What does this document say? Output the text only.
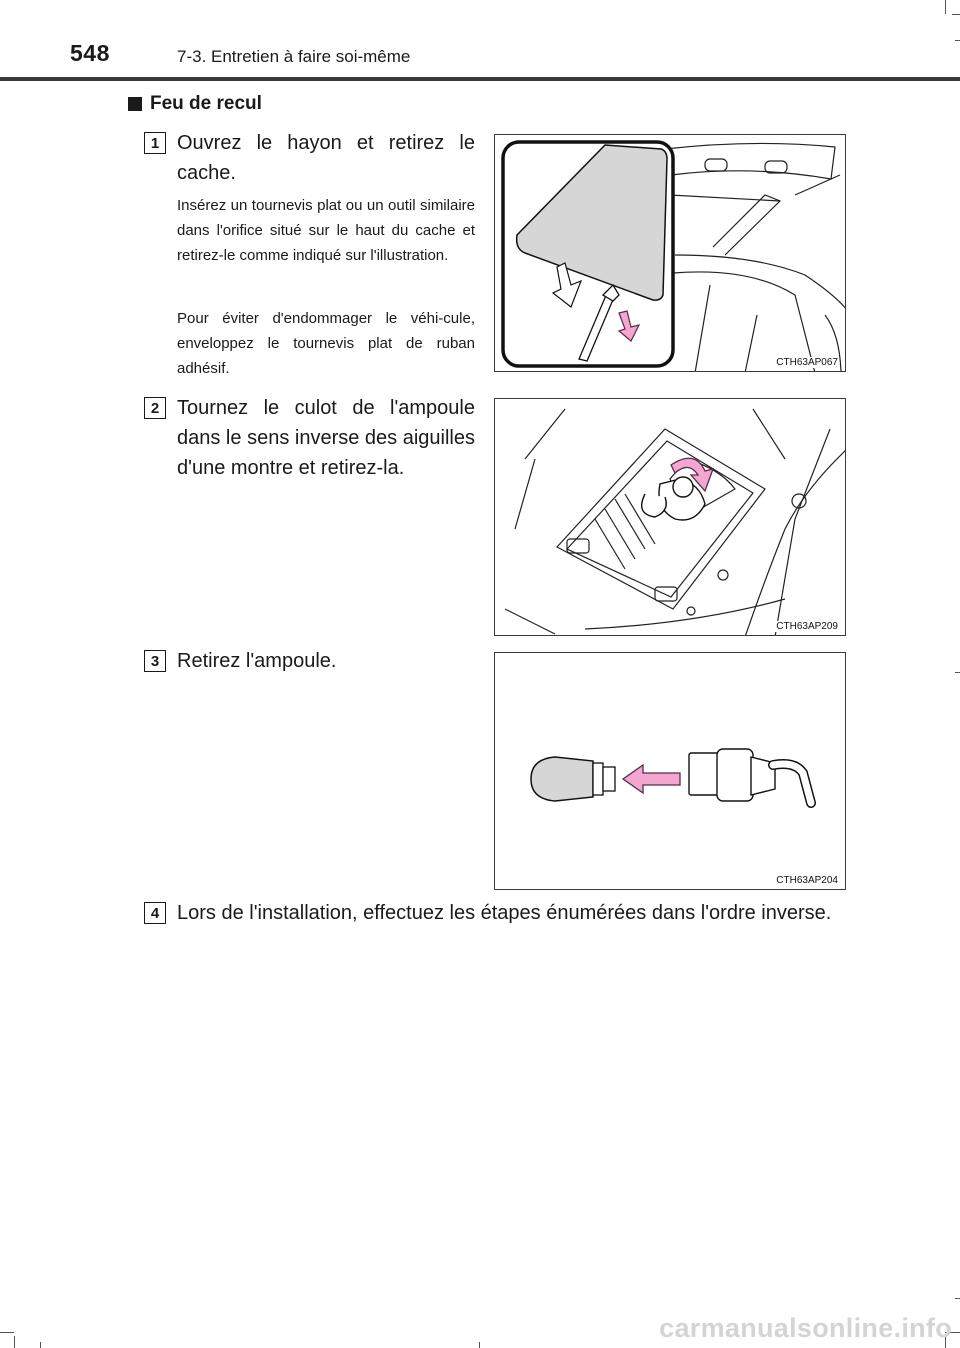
548	7-3. Entretien à faire soi-même
Feu de recul
1 Ouvrez le hayon et retirez le cache.
Insérez un tournevis plat ou un outil similaire dans l'orifice situé sur le haut du cache et retirez-le comme indiqué sur l'illustration.
Pour éviter d'endommager le véhi-cule, enveloppez le tournevis plat de ruban adhésif.	CTH63AP067
2 Tournez le culot de l'ampoule dans le sens inverse des aiguilles d'une montre et retirez-la.
CTH63AP209
3 Retirez l'ampoule.
CTH63AP204
4 Lors de l'installation, effectuez les étapes énumérées dans l'ordre inverse.
carmanualsonline.info
